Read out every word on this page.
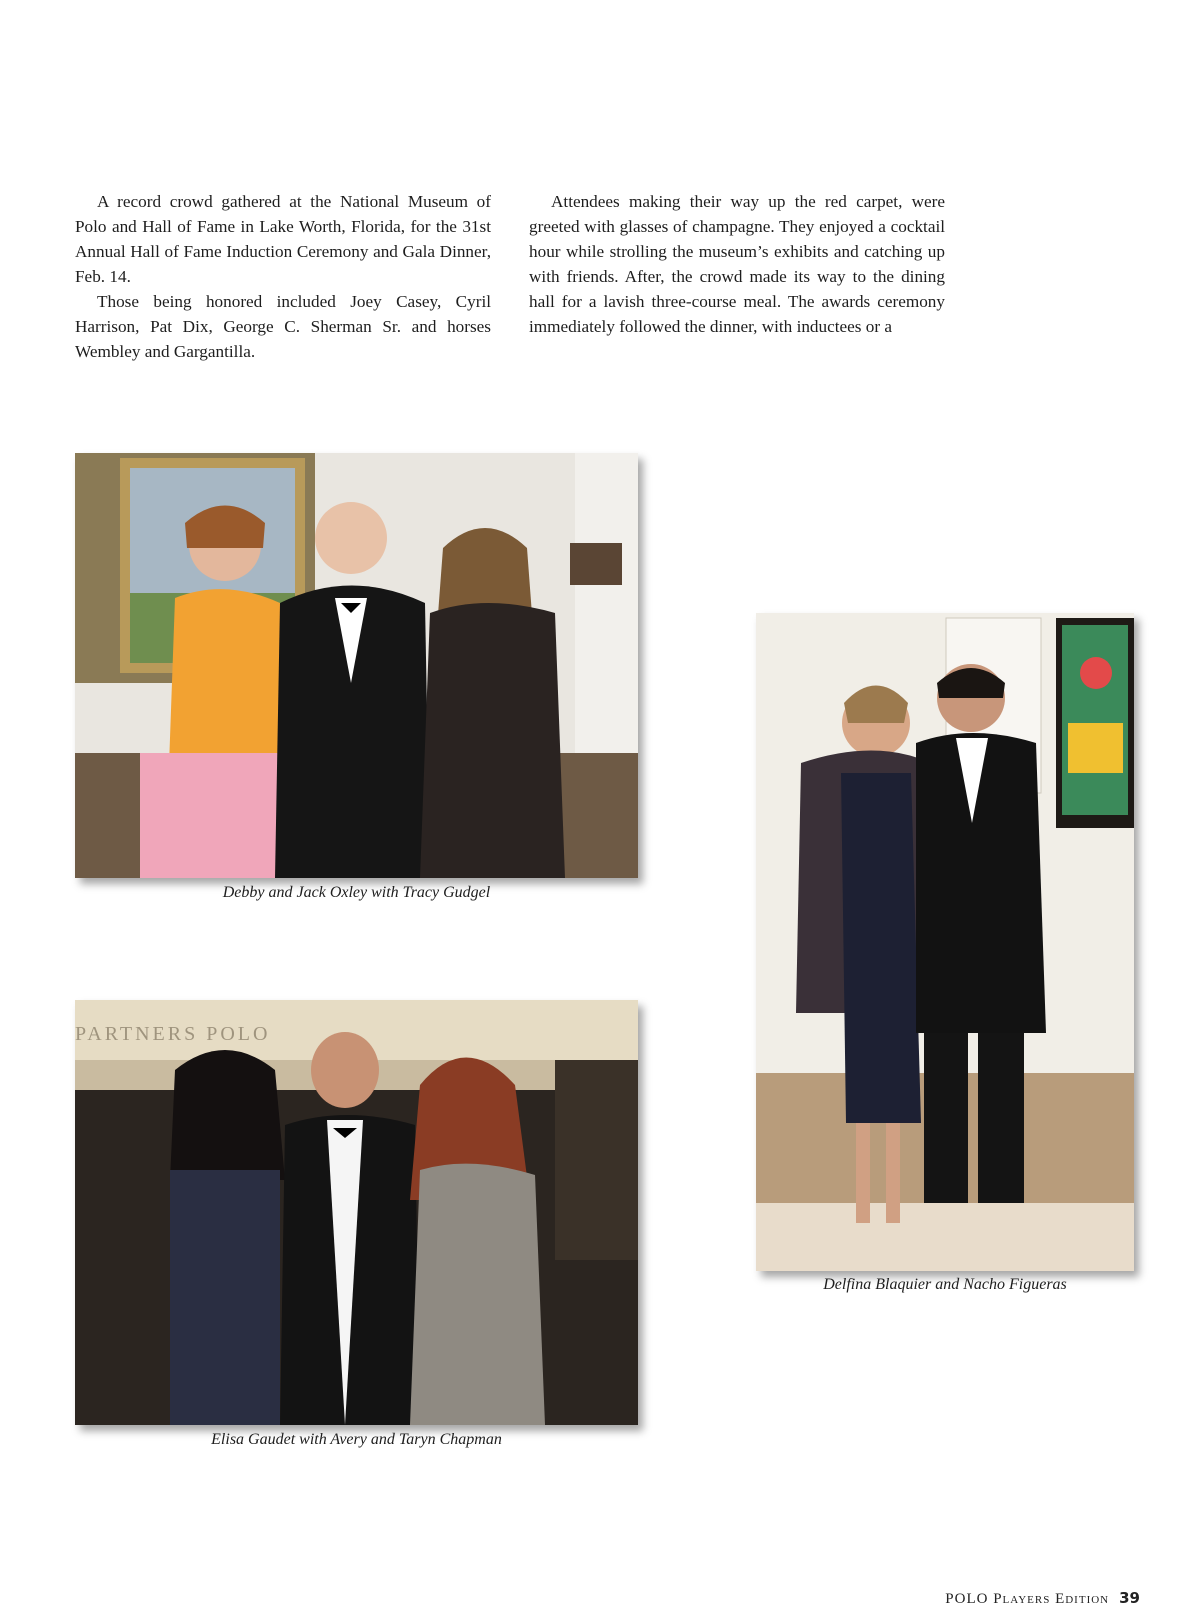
A record crowd gathered at the National Museum of Polo and Hall of Fame in Lake Worth, Florida, for the 31st Annual Hall of Fame Induction Ceremony and Gala Dinner, Feb. 14.

Those being honored included Joey Casey, Cyril Harrison, Pat Dix, George C. Sherman Sr. and horses Wembley and Gargantilla.

Attendees making their way up the red carpet, were greeted with glasses of champagne. They enjoyed a cocktail hour while strolling the museum’s exhibits and catching up with friends. After, the crowd made its way to the dining hall for a lavish three-course meal. The awards ceremony immediately followed the dinner, with inductees or a

Debby and Jack Oxley with Tracy Gudgel
PARTNERS POLO
Elisa Gaudet with Avery and Taryn Chapman
Delfina Blaquier and Nacho Figueras
POLO Players Edition 39
